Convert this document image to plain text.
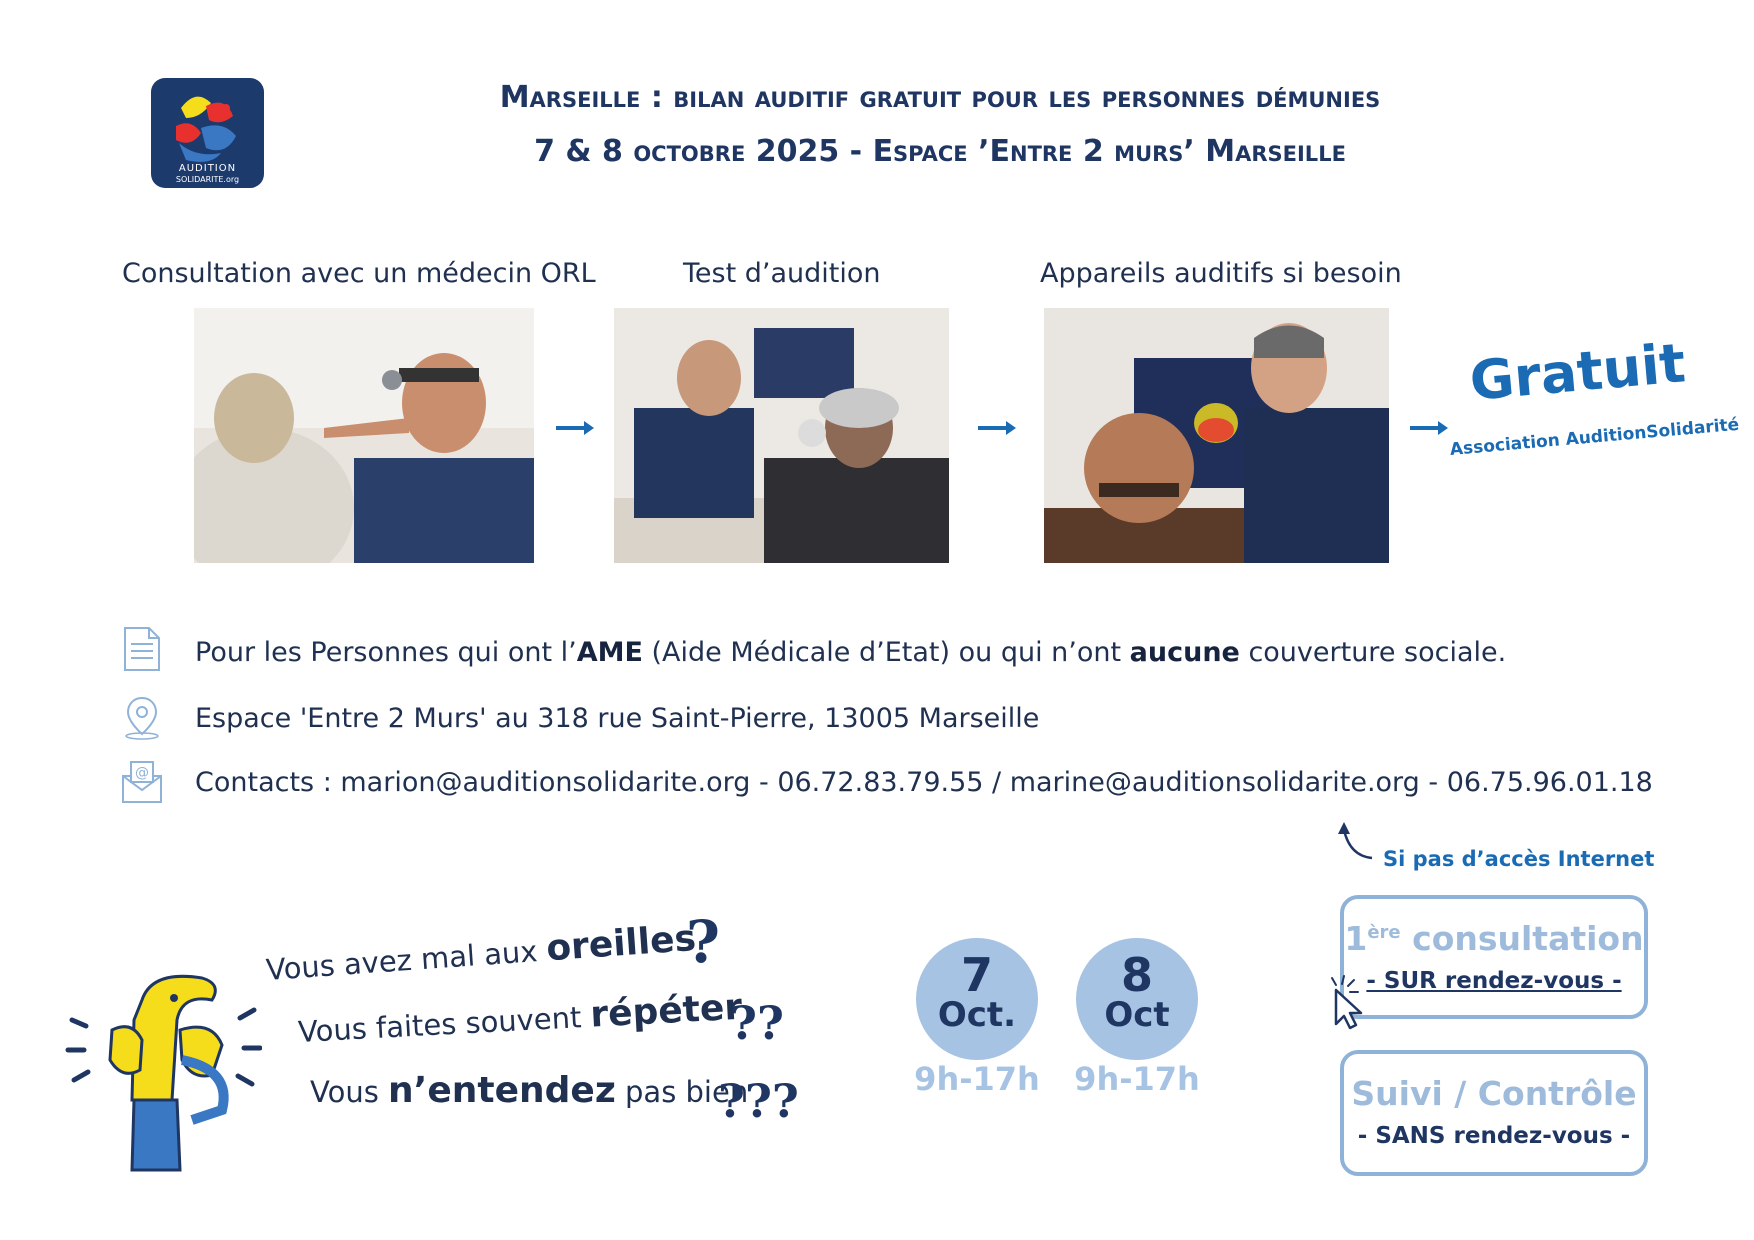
AUDITION
SOLIDARITE.org
Marseille : bilan auditif gratuit pour les personnes démunies
7 & 8 octobre 2025 - Espace ’Entre 2 murs’ Marseille
Consultation avec un médecin ORL	Test d’audition	Appareils auditifs si besoin
Gratuit
Association AuditionSolidarité
Pour les Personnes qui ont l’AME (Aide Médicale d’Etat) ou qui n’ont aucune couverture sociale.
Espace 'Entre 2 Murs' au 318 rue Saint-Pierre, 13005 Marseille
@ Contacts : marion@auditionsolidarite.org - 06.72.83.79.55 / marine@auditionsolidarite.org - 06.75.96.01.18
Si pas d’accès Internet
Vous avez mal aux oreilles
?
Vous faites souvent répéter
??
Vous n’entendez pas bien
???
7
Oct.
9h-17h
8
Oct
9h-17h
1ère consultation
- SUR rendez-vous -
Suivi / Contrôle
- SANS rendez-vous -
